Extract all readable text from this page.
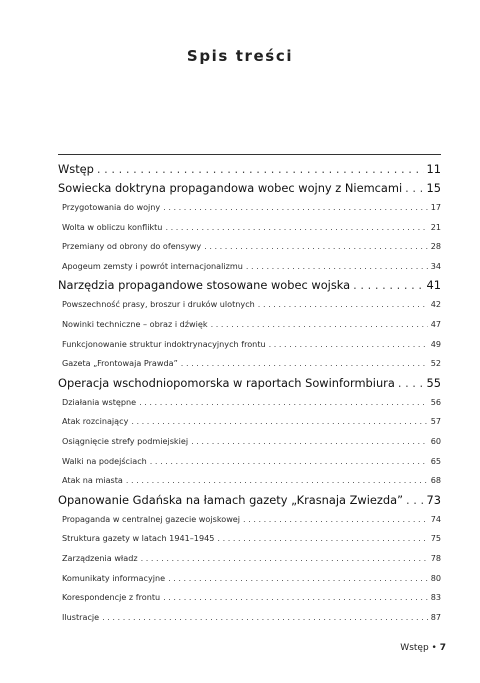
Spis treści
Wstęp . . .	11
Sowiecka doktryna propagandowa wobec wojny z Niemcami . . . 15
Przygotowania do wojny . . .	17
Wolta w obliczu konfliktu . . .	21
Przemiany od obrony do ofensywy . . .	28
Apogeum zemsty i powrót internacjonalizmu . . .	34
Narzędzia propagandowe stosowane wobec wojska . . .	41
Powszechność prasy, broszur i druków ulotnych . . .	42
Nowinki techniczne – obraz i dźwięk . . .	47
Funkcjonowanie struktur indoktrynacyjnych frontu . . .	49
Gazeta „Frontowaja Prawda” . . .	52
Operacja wschodniopomorska w raportach Sowinformbiura . . .	55
Działania wstępne . . .	56
Atak rozcinający . . .	57
Osiągnięcie strefy podmiejskiej . . .	60
Walki na podejściach . . .	65
Atak na miasta . . .	68
Opanowanie Gdańska na łamach gazety „Krasnaja Zwiezda” . . . 73
Propaganda w centralnej gazecie wojskowej . . .	74
Struktura gazety w latach 1941–1945 . . .	75
Zarządzenia władz . . .	78
Komunikaty informacyjne . . .	80
Korespondencje z frontu . . .	83
Ilustracje . . .	87
Wstęp • 7
